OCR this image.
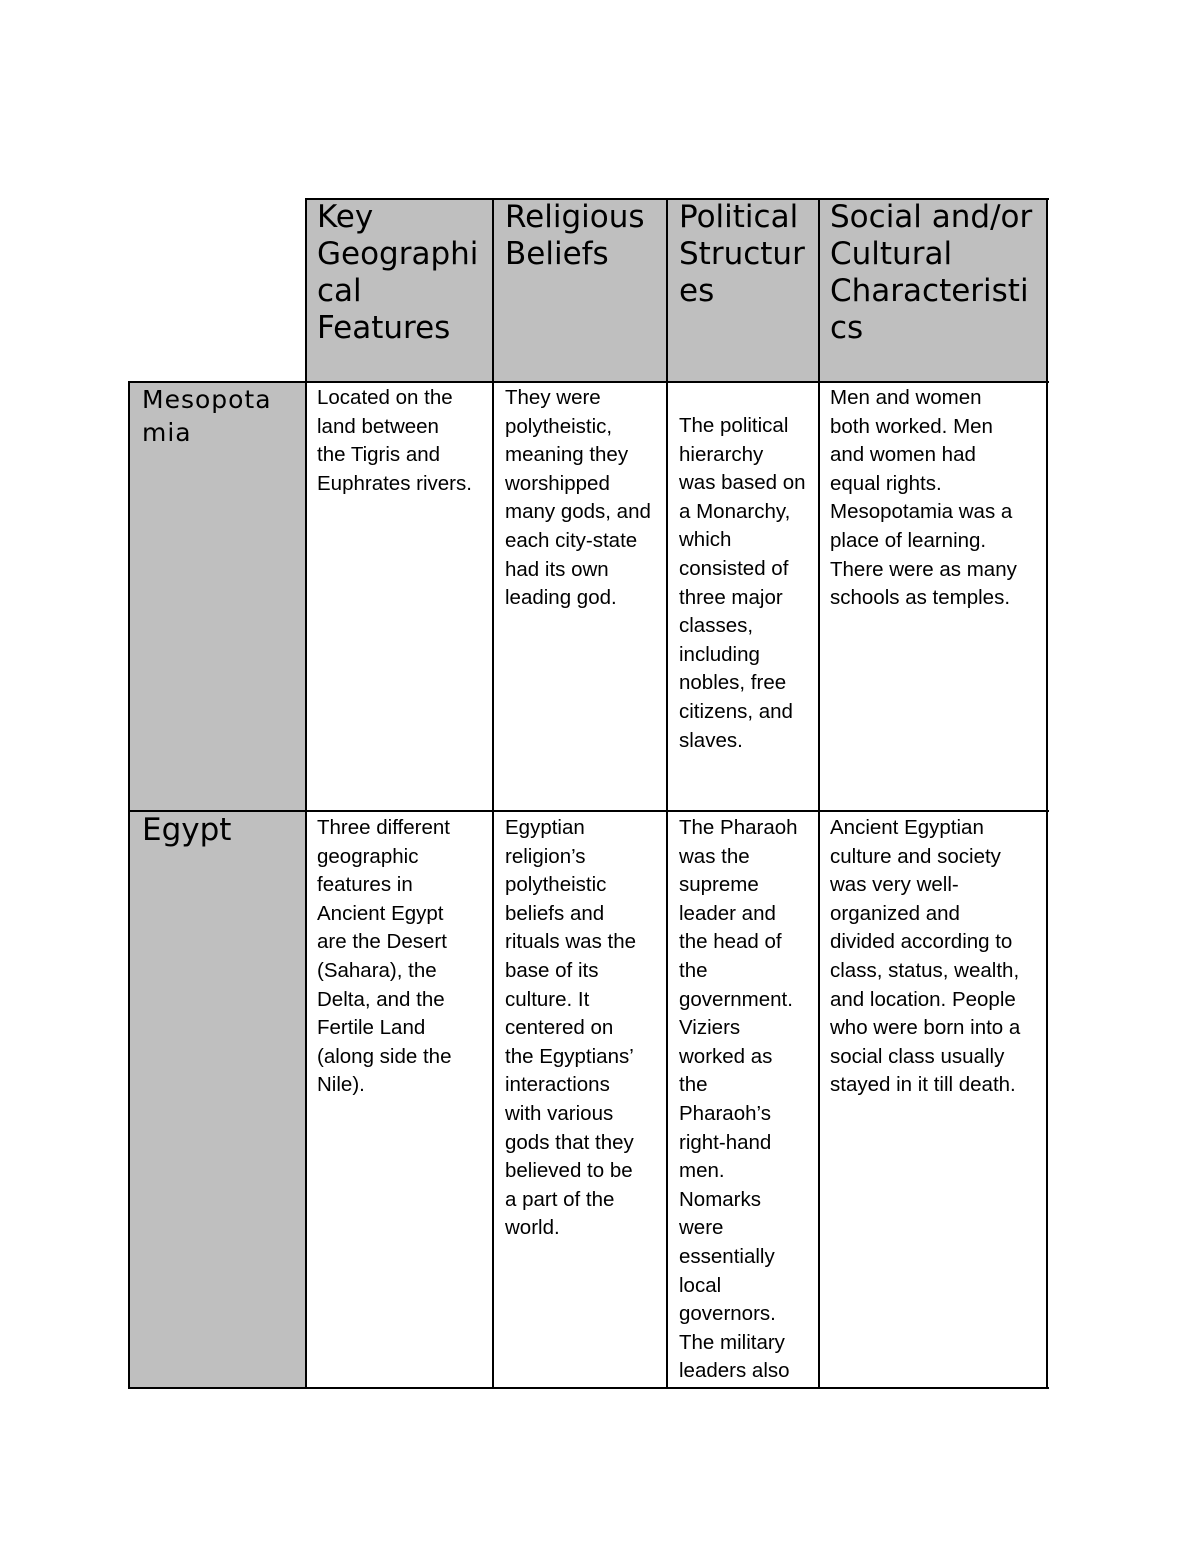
Key
Geographi
cal
Features
Religious
Beliefs
Political
Structur
es
Social and/or
Cultural
Characteristi
cs
Mesopota
mia
Egypt
Located on the
land between
the Tigris and
Euphrates rivers.
They were
polytheistic,
meaning they
worshipped
many gods, and
each city-state
had its own
leading god.
The political
hierarchy
was based on
a Monarchy,
which
consisted of
three major
classes,
including
nobles, free
citizens, and
slaves.
Men and women
both worked. Men
and women had
equal rights.
Mesopotamia was a
place of learning.
There were as many
schools as temples.
Three different
geographic
features in
Ancient Egypt
are the Desert
(Sahara), the
Delta, and the
Fertile Land
(along side the
Nile).
Egyptian
religion’s
polytheistic
beliefs and
rituals was the
base of its
culture. It
centered on
the Egyptians’
interactions
with various
gods that they
believed to be
a part of the
world.
The Pharaoh
was the
supreme
leader and
the head of
the
government.
Viziers
worked as
the
Pharaoh’s
right-hand
men.
Nomarks
were
essentially
local
governors.
The military
leaders also
Ancient Egyptian
culture and society
was very well-
organized and
divided according to
class, status, wealth,
and location. People
who were born into a
social class usually
stayed in it till death.
